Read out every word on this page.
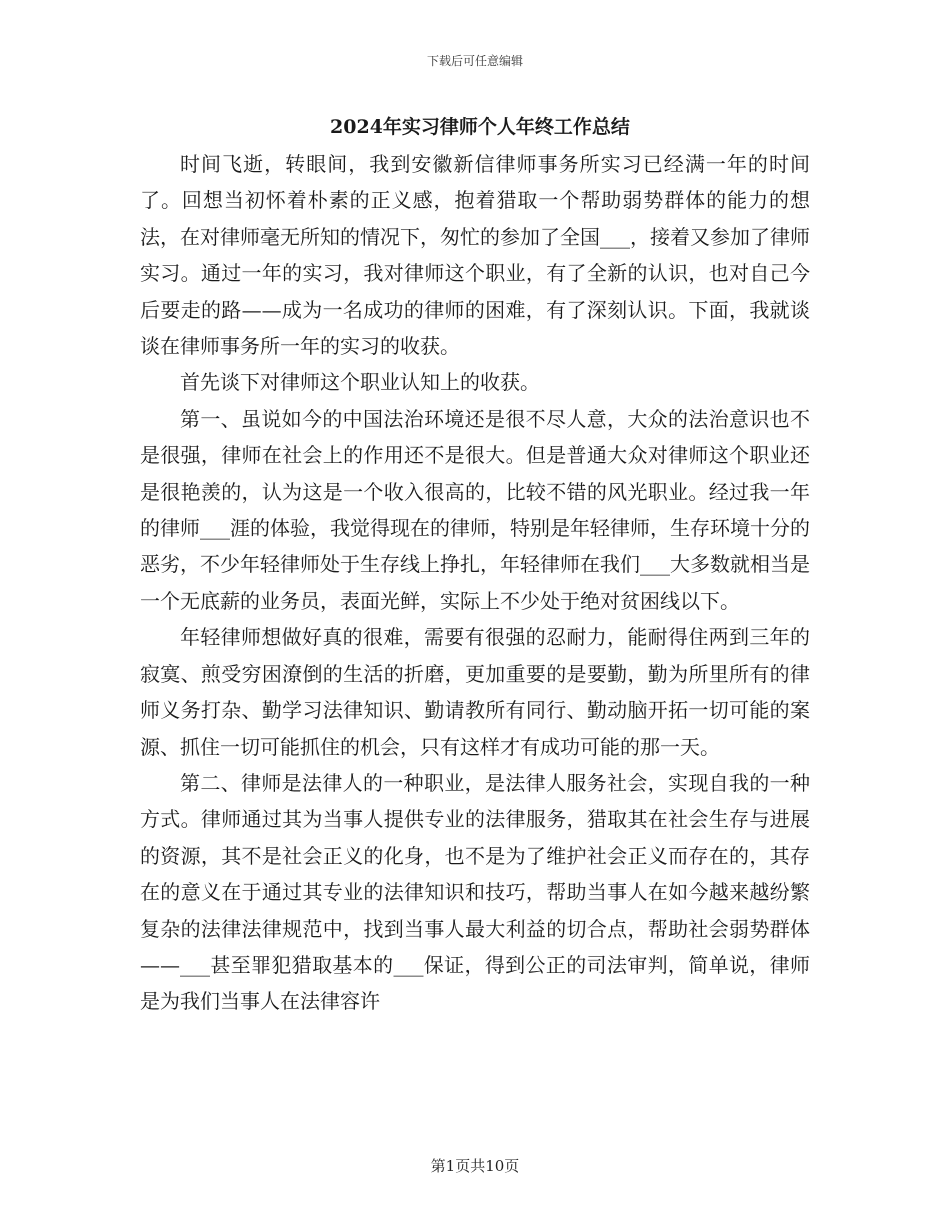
下载后可任意编辑
2024年实习律师个人年终工作总结

时间飞逝，转眼间，我到安徽新信律师事务所实习已经满一年的时间了。回想当初怀着朴素的正义感，抱着猎取一个帮助弱势群体的能力的想法，在对律师毫无所知的情况下，匆忙的参加了全国___，接着又参加了律师实习。通过一年的实习，我对律师这个职业，有了全新的认识，也对自己今后要走的路——成为一名成功的律师的困难，有了深刻认识。下面，我就谈谈在律师事务所一年的实习的收获。

首先谈下对律师这个职业认知上的收获。

第一、虽说如今的中国法治环境还是很不尽人意，大众的法治意识也不是很强，律师在社会上的作用还不是很大。但是普通大众对律师这个职业还是很艳羡的，认为这是一个收入很高的，比较不错的风光职业。经过我一年的律师___涯的体验，我觉得现在的律师，特别是年轻律师，生存环境十分的恶劣，不少年轻律师处于生存线上挣扎，年轻律师在我们___大多数就相当是一个无底薪的业务员，表面光鲜，实际上不少处于绝对贫困线以下。

年轻律师想做好真的很难，需要有很强的忍耐力，能耐得住两到三年的寂寞、煎受穷困潦倒的生活的折磨，更加重要的是要勤，勤为所里所有的律师义务打杂、勤学习法律知识、勤请教所有同行、勤动脑开拓一切可能的案源、抓住一切可能抓住的机会，只有这样才有成功可能的那一天。

第二、律师是法律人的一种职业，是法律人服务社会，实现自我的一种方式。律师通过其为当事人提供专业的法律服务，猎取其在社会生存与进展的资源，其不是社会正义的化身，也不是为了维护社会正义而存在的，其存在的意义在于通过其专业的法律知识和技巧，帮助当事人在如今越来越纷繁复杂的法律法律规范中，找到当事人最大利益的切合点，帮助社会弱势群体——___甚至罪犯猎取基本的___保证，得到公正的司法审判，简单说，律师是为我们当事人在法律容许

第1页共10页
